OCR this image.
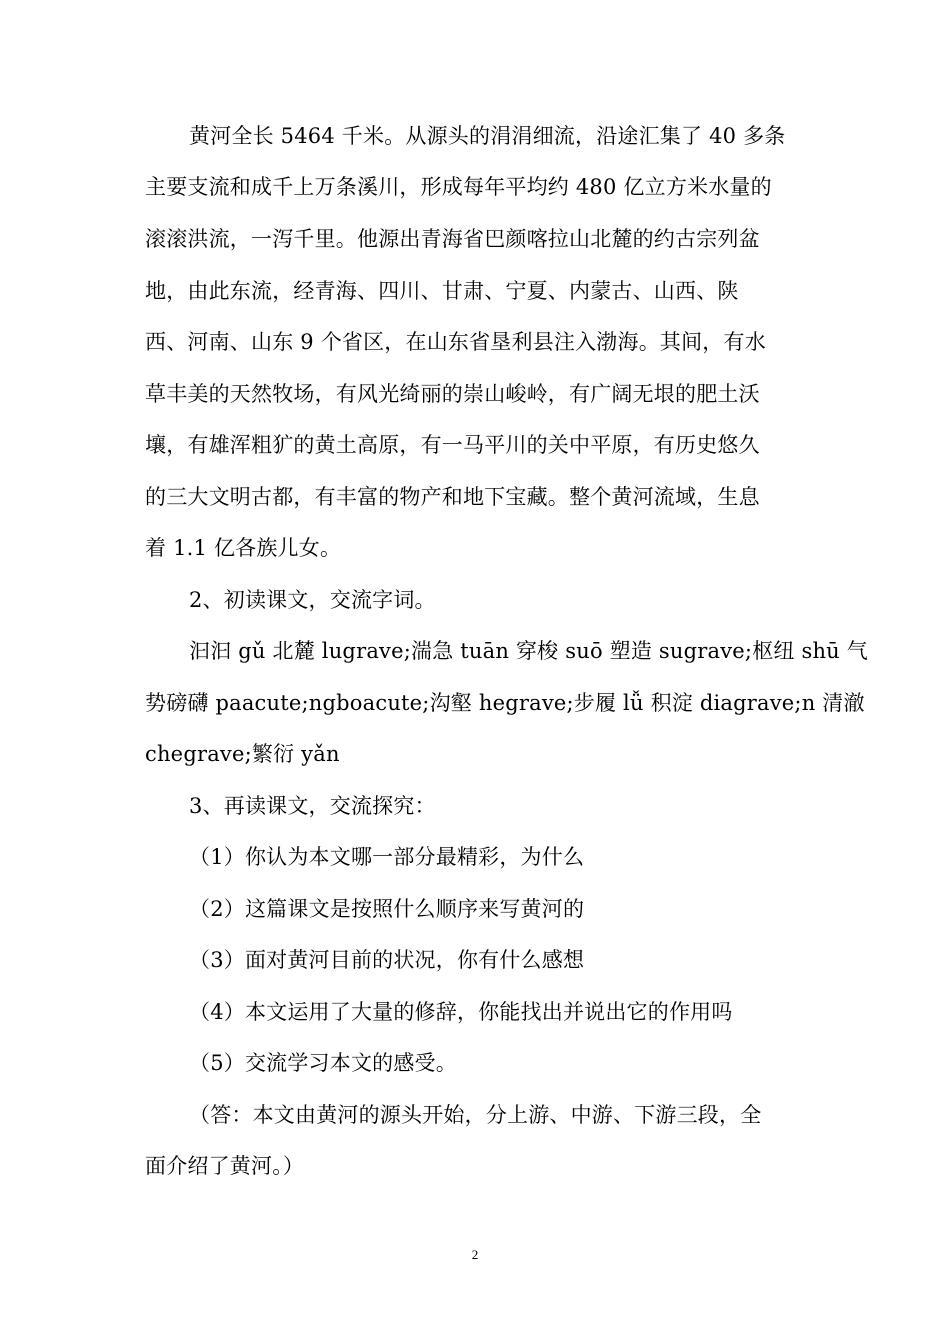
黄河全长 5464 千米。从源头的涓涓细流，沿途汇集了 40 多条
主要支流和成千上万条溪川，形成每年平均约 480 亿立方米水量的
滚滚洪流，一泻千里。他源出青海省巴颜喀拉山北麓的约古宗列盆
地，由此东流，经青海、四川、甘肃、宁夏、内蒙古、山西、陕
西、河南、山东 9 个省区，在山东省垦利县注入渤海。其间，有水
草丰美的天然牧场，有风光绮丽的崇山峻岭，有广阔无垠的肥土沃
壤，有雄浑粗犷的黄土高原，有一马平川的关中平原，有历史悠久
的三大文明古都，有丰富的物产和地下宝藏。整个黄河流域，生息
着 1.1 亿各族儿女。
2、初读课文，交流字词。
汩汩 gǔ 北麓 lugrave;湍急 tuān 穿梭 suō 塑造 sugrave;枢纽 shū 气
势磅礴 paacute;ngboacute;沟壑 hegrave;步履 lǚ 积淀 diagrave;n 清澈
chegrave;繁衍 yǎn
3、再读课文，交流探究：
（1）你认为本文哪一部分最精彩，为什么
（2）这篇课文是按照什么顺序来写黄河的
（3）面对黄河目前的状况，你有什么感想
（4）本文运用了大量的修辞，你能找出并说出它的作用吗
（5）交流学习本文的感受。
（答：本文由黄河的源头开始，分上游、中游、下游三段，全
面介绍了黄河。）
2
